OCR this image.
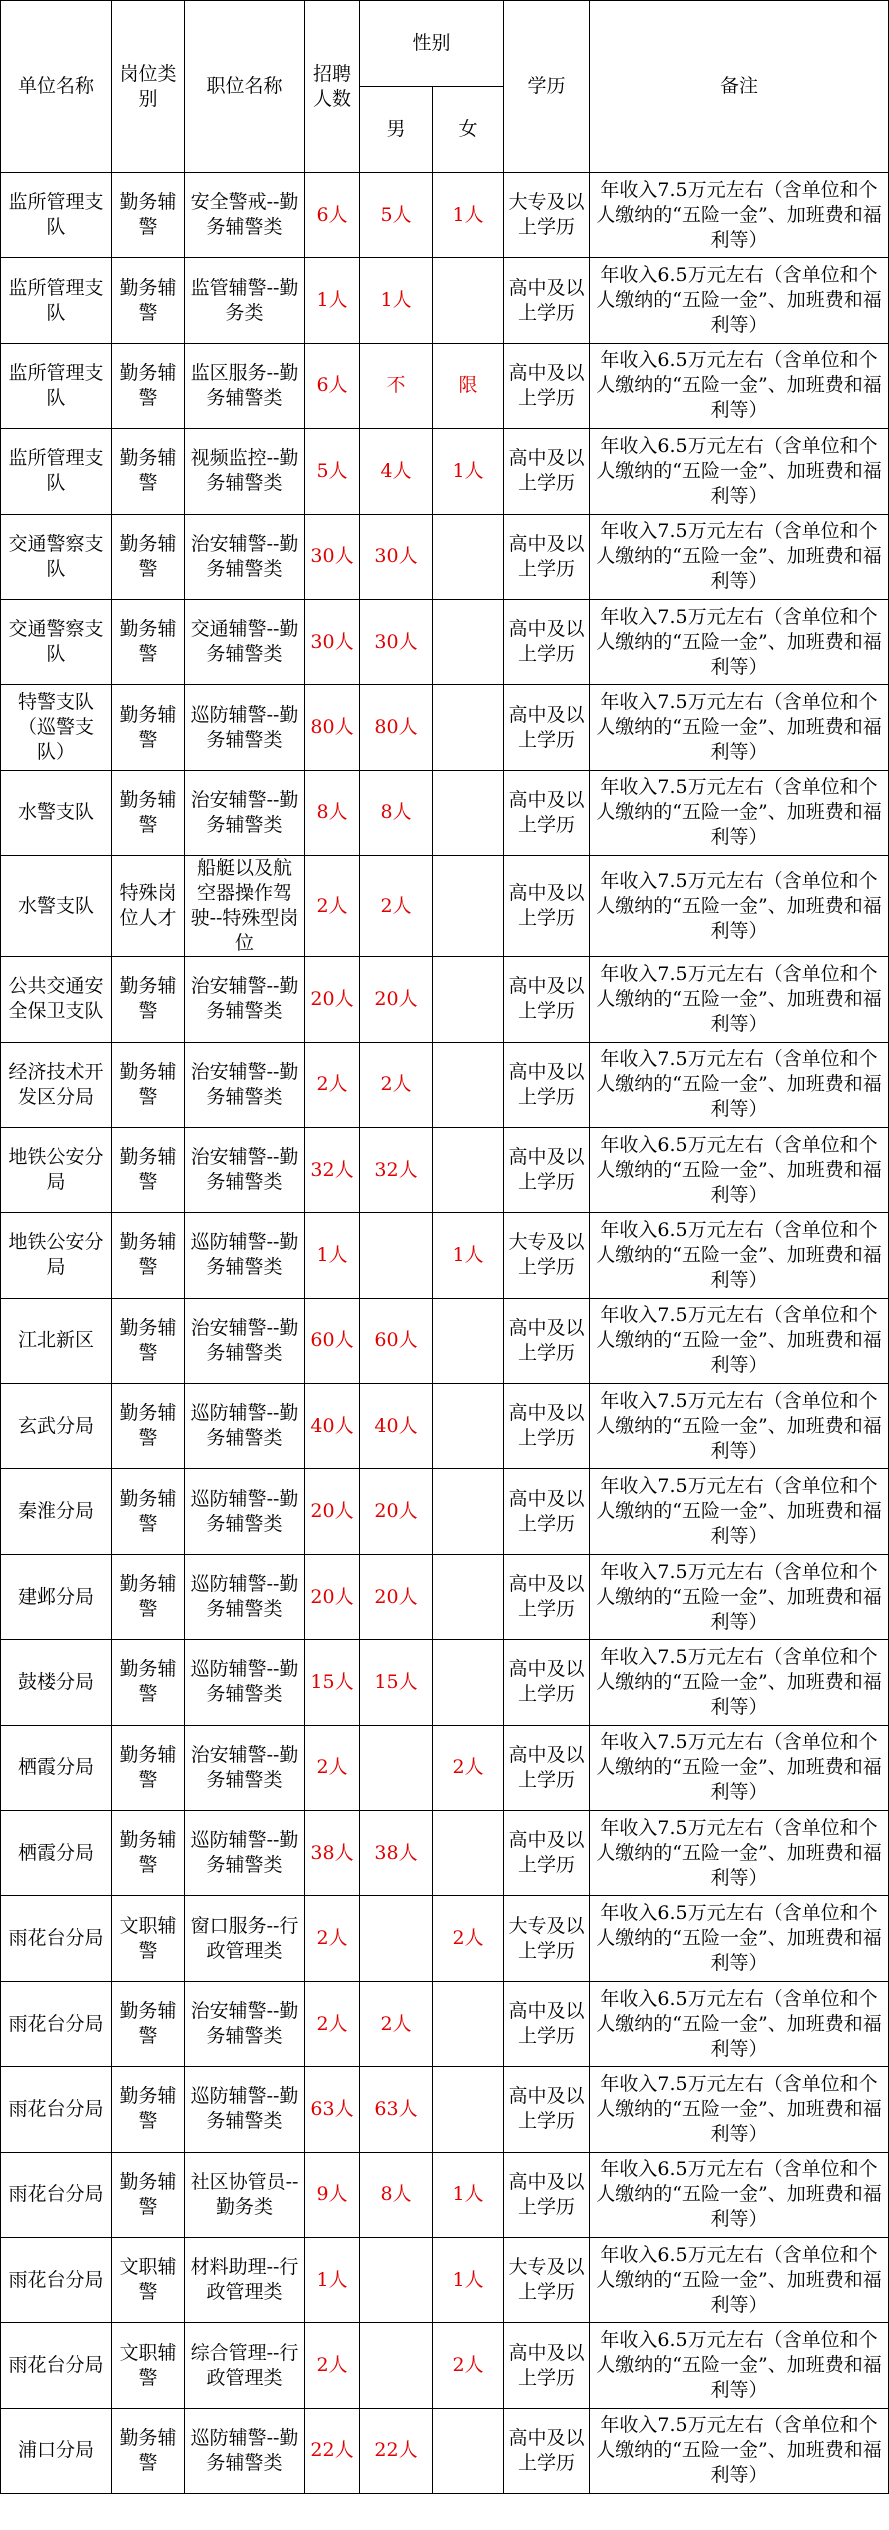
单位名称	岗位类别	职位名称	招聘人数	性别		学历	备注
				男	女		
监所管理支队	勤务辅警	安全警戒--勤务辅警类	6人	5人	1人	大专及以上学历	年收入7.5万元左右（含单位和个人缴纳的“五险一金”、加班费和福利等）
监所管理支队	勤务辅警	监管辅警--勤务类	1人	1人		高中及以上学历	年收入6.5万元左右（含单位和个人缴纳的“五险一金”、加班费和福利等）
监所管理支队	勤务辅警	监区服务--勤务辅警类	6人	不	限	高中及以上学历	年收入6.5万元左右（含单位和个人缴纳的“五险一金”、加班费和福利等）
监所管理支队	勤务辅警	视频监控--勤务辅警类	5人	4人	1人	高中及以上学历	年收入6.5万元左右（含单位和个人缴纳的“五险一金”、加班费和福利等）
交通警察支队	勤务辅警	治安辅警--勤务辅警类	30人	30人		高中及以上学历	年收入7.5万元左右（含单位和个人缴纳的“五险一金”、加班费和福利等）
交通警察支队	勤务辅警	交通辅警--勤务辅警类	30人	30人		高中及以上学历	年收入7.5万元左右（含单位和个人缴纳的“五险一金”、加班费和福利等）
特警支队（巡警支队）	勤务辅警	巡防辅警--勤务辅警类	80人	80人		高中及以上学历	年收入7.5万元左右（含单位和个人缴纳的“五险一金”、加班费和福利等）
水警支队	勤务辅警	治安辅警--勤务辅警类	8人	8人		高中及以上学历	年收入7.5万元左右（含单位和个人缴纳的“五险一金”、加班费和福利等）
水警支队	特殊岗位人才	船艇以及航空器操作驾驶--特殊型岗位	2人	2人		高中及以上学历	年收入7.5万元左右（含单位和个人缴纳的“五险一金”、加班费和福利等）
公共交通安全保卫支队	勤务辅警	治安辅警--勤务辅警类	20人	20人		高中及以上学历	年收入7.5万元左右（含单位和个人缴纳的“五险一金”、加班费和福利等）
经济技术开发区分局	勤务辅警	治安辅警--勤务辅警类	2人	2人		高中及以上学历	年收入7.5万元左右（含单位和个人缴纳的“五险一金”、加班费和福利等）
地铁公安分局	勤务辅警	治安辅警--勤务辅警类	32人	32人		高中及以上学历	年收入6.5万元左右（含单位和个人缴纳的“五险一金”、加班费和福利等）
地铁公安分局	勤务辅警	巡防辅警--勤务辅警类	1人		1人	大专及以上学历	年收入6.5万元左右（含单位和个人缴纳的“五险一金”、加班费和福利等）
江北新区	勤务辅警	治安辅警--勤务辅警类	60人	60人		高中及以上学历	年收入7.5万元左右（含单位和个人缴纳的“五险一金”、加班费和福利等）
玄武分局	勤务辅警	巡防辅警--勤务辅警类	40人	40人		高中及以上学历	年收入7.5万元左右（含单位和个人缴纳的“五险一金”、加班费和福利等）
秦淮分局	勤务辅警	巡防辅警--勤务辅警类	20人	20人		高中及以上学历	年收入7.5万元左右（含单位和个人缴纳的“五险一金”、加班费和福利等）
建邺分局	勤务辅警	巡防辅警--勤务辅警类	20人	20人		高中及以上学历	年收入7.5万元左右（含单位和个人缴纳的“五险一金”、加班费和福利等）
鼓楼分局	勤务辅警	巡防辅警--勤务辅警类	15人	15人		高中及以上学历	年收入7.5万元左右（含单位和个人缴纳的“五险一金”、加班费和福利等）
栖霞分局	勤务辅警	治安辅警--勤务辅警类	2人		2人	高中及以上学历	年收入7.5万元左右（含单位和个人缴纳的“五险一金”、加班费和福利等）
栖霞分局	勤务辅警	巡防辅警--勤务辅警类	38人	38人		高中及以上学历	年收入7.5万元左右（含单位和个人缴纳的“五险一金”、加班费和福利等）
雨花台分局	文职辅警	窗口服务--行政管理类	2人		2人	大专及以上学历	年收入6.5万元左右（含单位和个人缴纳的“五险一金”、加班费和福利等）
雨花台分局	勤务辅警	治安辅警--勤务辅警类	2人	2人		高中及以上学历	年收入6.5万元左右（含单位和个人缴纳的“五险一金”、加班费和福利等）
雨花台分局	勤务辅警	巡防辅警--勤务辅警类	63人	63人		高中及以上学历	年收入7.5万元左右（含单位和个人缴纳的“五险一金”、加班费和福利等）
雨花台分局	勤务辅警	社区协管员--勤务类	9人	8人	1人	高中及以上学历	年收入6.5万元左右（含单位和个人缴纳的“五险一金”、加班费和福利等）
雨花台分局	文职辅警	材料助理--行政管理类	1人		1人	大专及以上学历	年收入6.5万元左右（含单位和个人缴纳的“五险一金”、加班费和福利等）
雨花台分局	文职辅警	综合管理--行政管理类	2人		2人	高中及以上学历	年收入6.5万元左右（含单位和个人缴纳的“五险一金”、加班费和福利等）
浦口分局	勤务辅警	巡防辅警--勤务辅警类	22人	22人		高中及以上学历	年收入7.5万元左右（含单位和个人缴纳的“五险一金”、加班费和福利等）
